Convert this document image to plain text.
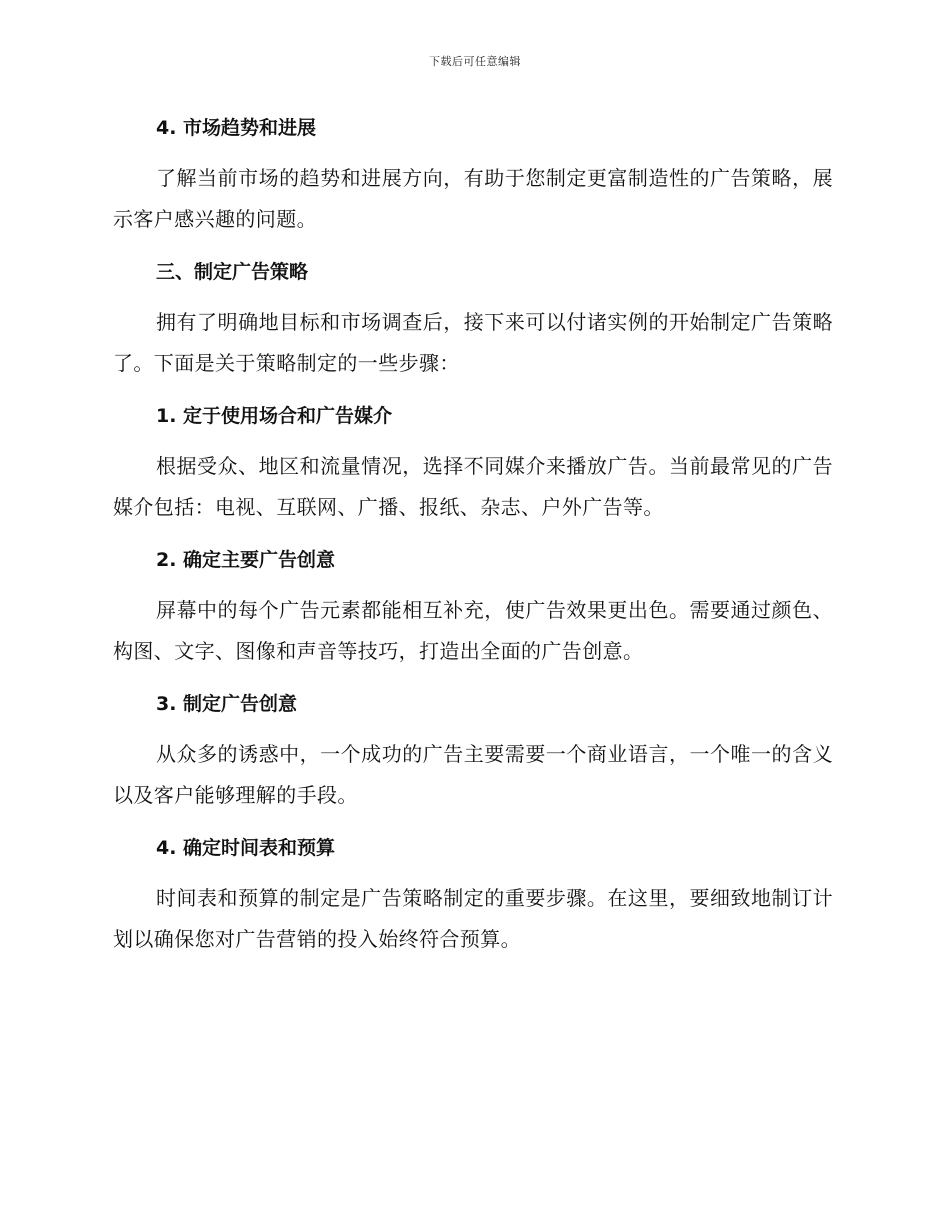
下载后可任意编辑
4. 市场趋势和进展
了解当前市场的趋势和进展方向，有助于您制定更富制造性的广告策略，展示客户感兴趣的问题。
三、制定广告策略
拥有了明确地目标和市场调查后，接下来可以付诸实例的开始制定广告策略了。下面是关于策略制定的一些步骤：
1. 定于使用场合和广告媒介
根据受众、地区和流量情况，选择不同媒介来播放广告。当前最常见的广告媒介包括：电视、互联网、广播、报纸、杂志、户外广告等。
2. 确定主要广告创意
屏幕中的每个广告元素都能相互补充，使广告效果更出色。需要通过颜色、构图、文字、图像和声音等技巧，打造出全面的广告创意。
3. 制定广告创意
从众多的诱惑中，一个成功的广告主要需要一个商业语言，一个唯一的含义以及客户能够理解的手段。
4. 确定时间表和预算
时间表和预算的制定是广告策略制定的重要步骤。在这里，要细致地制订计划以确保您对广告营销的投入始终符合预算。
